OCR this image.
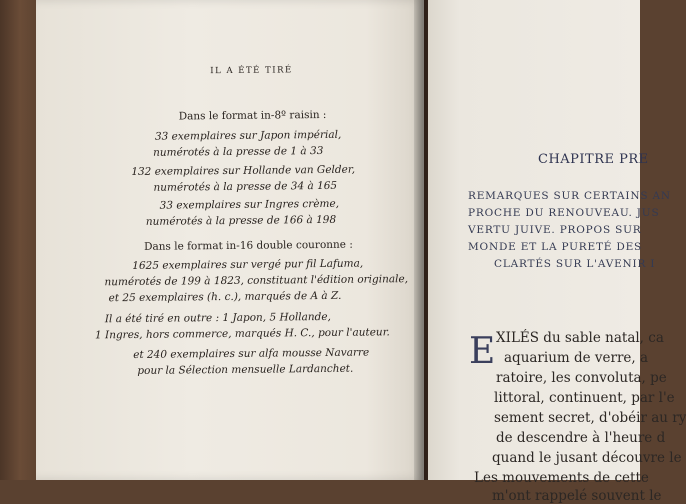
IL A ÉTÉ TIRÉ
Dans le format in-8º raisin :
33 exemplaires sur Japon impérial,
numérotés à la presse de 1 à 33
132 exemplaires sur Hollande van Gelder,
numérotés à la presse de 34 à 165
33 exemplaires sur Ingres crème,
numérotés à la presse de 166 à 198
Dans le format in-16 double couronne :
1625 exemplaires sur vergé pur fil Lafuma,
numérotés de 199 à 1823, constituant l'édition originale,
et 25 exemplaires (h. c.), marqués de A à Z.
Il a été tiré en outre : 1 Japon, 5 Hollande,
1 Ingres, hors commerce, marqués H. C., pour l'auteur.
et 240 exemplaires sur alfa mousse Navarre
pour la Sélection mensuelle Lardanchet.
CHAPITRE PRE
REMARQUES SUR CERTAINS AN
PROCHE DU RENOUVEAU. JUS
VERTU JUIVE. PROPOS SUR
MONDE ET LA PURETÉ DES
CLARTÉS SUR L'AVENIR I
E XILÉS du sable natal, ca
aquarium de verre, a
ratoire, les convoluta, pe
littoral, continuent, par l'e
sement secret, d'obéir au ry
de descendre à l'heure d
quand le jusant découvre le
Les mouvements de cette
m'ont rappelé souvent le
